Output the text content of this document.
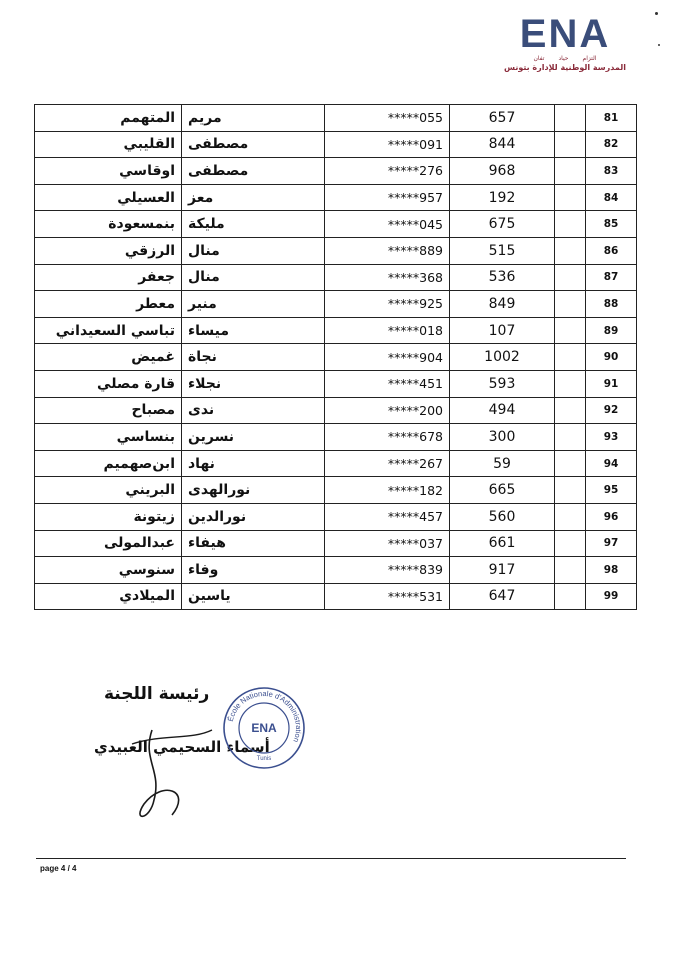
ENA
تفان حياد التزام
المدرسة الوطنية للإدارة بتونس
المتهمم	مريم	*****055	657		81
القليبي	مصطفى	*****091	844		82
اوقاسي	مصطفى	*****276	968		83
العسيلي	معز	*****957	192		84
بنمسعودة	مليكة	*****045	675		85
الرزقي	منال	*****889	515		86
جعفر	منال	*****368	536		87
معطر	منير	*****925	849		88
تباسي السعيداني	ميساء	*****018	107		89
غميض	نجاة	*****904	1002		90
قارة مصلي	نجلاء	*****451	593		91
مصباح	ندى	*****200	494		92
بنساسي	نسرين	*****678	300		93
ابن‌صهميم	نهاد	*****267	59		94
البريني	نورالهدى	*****182	665		95
زيتونة	نورالدين	*****457	560		96
عبدالمولى	هيفاء	*****037	661		97
سنوسي	وفاء	*****839	917		98
الميلادي	ياسين	*****531	647		99
رئيسة اللجنة
أسماء السحيمي العبيدي
École Nationale d'Administration
ENA
Tunis
page 4 / 4
